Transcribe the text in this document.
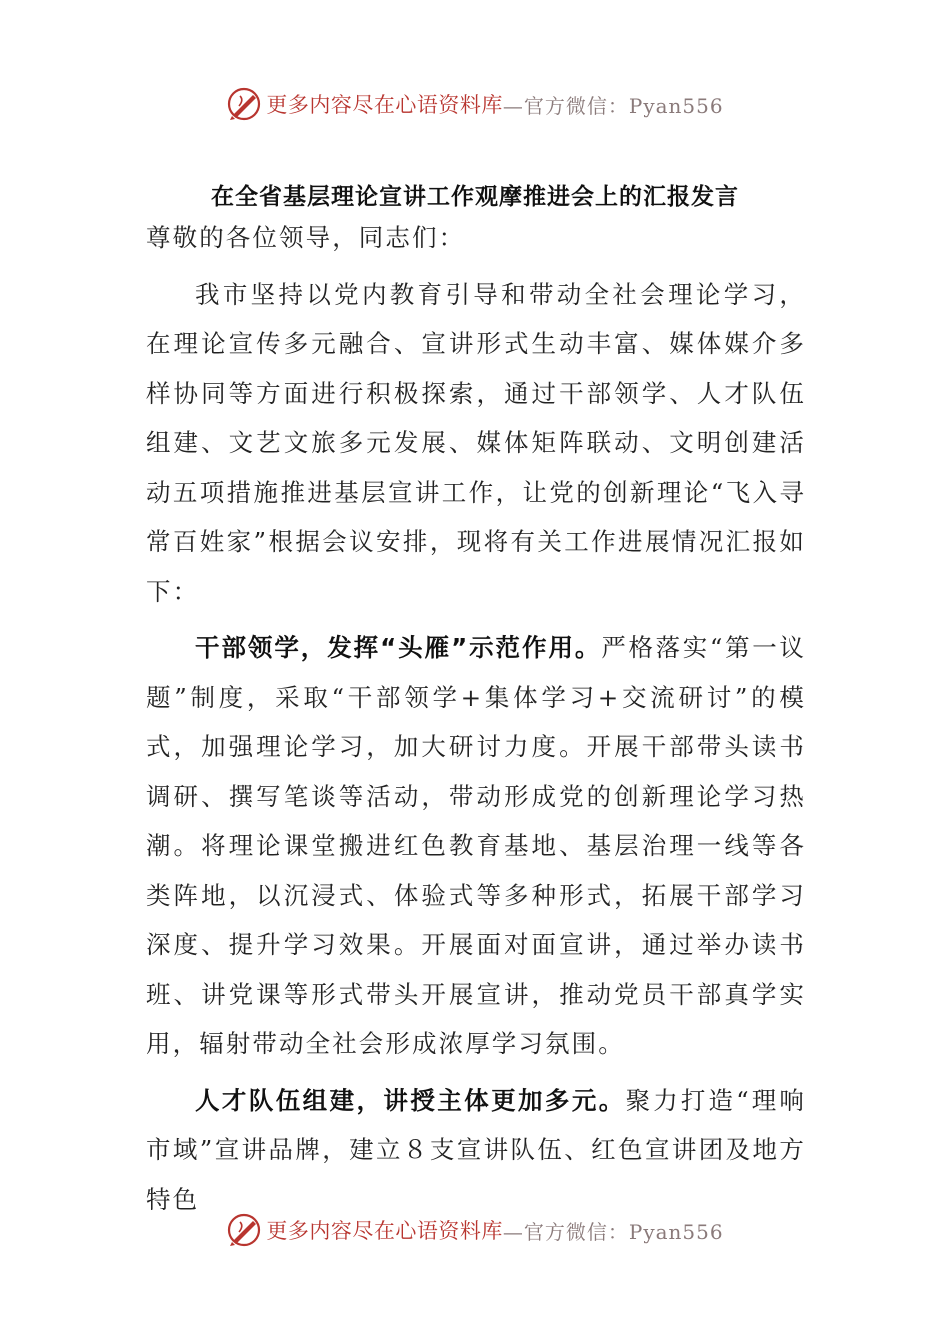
更多内容尽在心语资料库 —官方微信：Pyan556
在全省基层理论宣讲工作观摩推进会上的汇报发言

尊敬的各位领导，同志们：

我市坚持以党内教育引导和带动全社会理论学习，在理论宣传多元融合、宣讲形式生动丰富、媒体媒介多样协同等方面进行积极探索，通过干部领学、人才队伍组建、文艺文旅多元发展、媒体矩阵联动、文明创建活动五项措施推进基层宣讲工作，让党的创新理论“飞入寻常百姓家”根据会议安排，现将有关工作进展情况汇报如下：

干部领学，发挥“头雁”示范作用。严格落实“第一议题”制度，采取“干部领学+集体学习+交流研讨”的模式，加强理论学习，加大研讨力度。开展干部带头读书调研、撰写笔谈等活动，带动形成党的创新理论学习热潮。将理论课堂搬进红色教育基地、基层治理一线等各类阵地，以沉浸式、体验式等多种形式，拓展干部学习深度、提升学习效果。开展面对面宣讲，通过举办读书班、讲党课等形式带头开展宣讲，推动党员干部真学实用，辐射带动全社会形成浓厚学习氛围。

人才队伍组建，讲授主体更加多元。聚力打造“理响市域”宣讲品牌，建立８支宣讲队伍、红色宣讲团及地方特色

更多内容尽在心语资料库 —官方微信：Pyan556
